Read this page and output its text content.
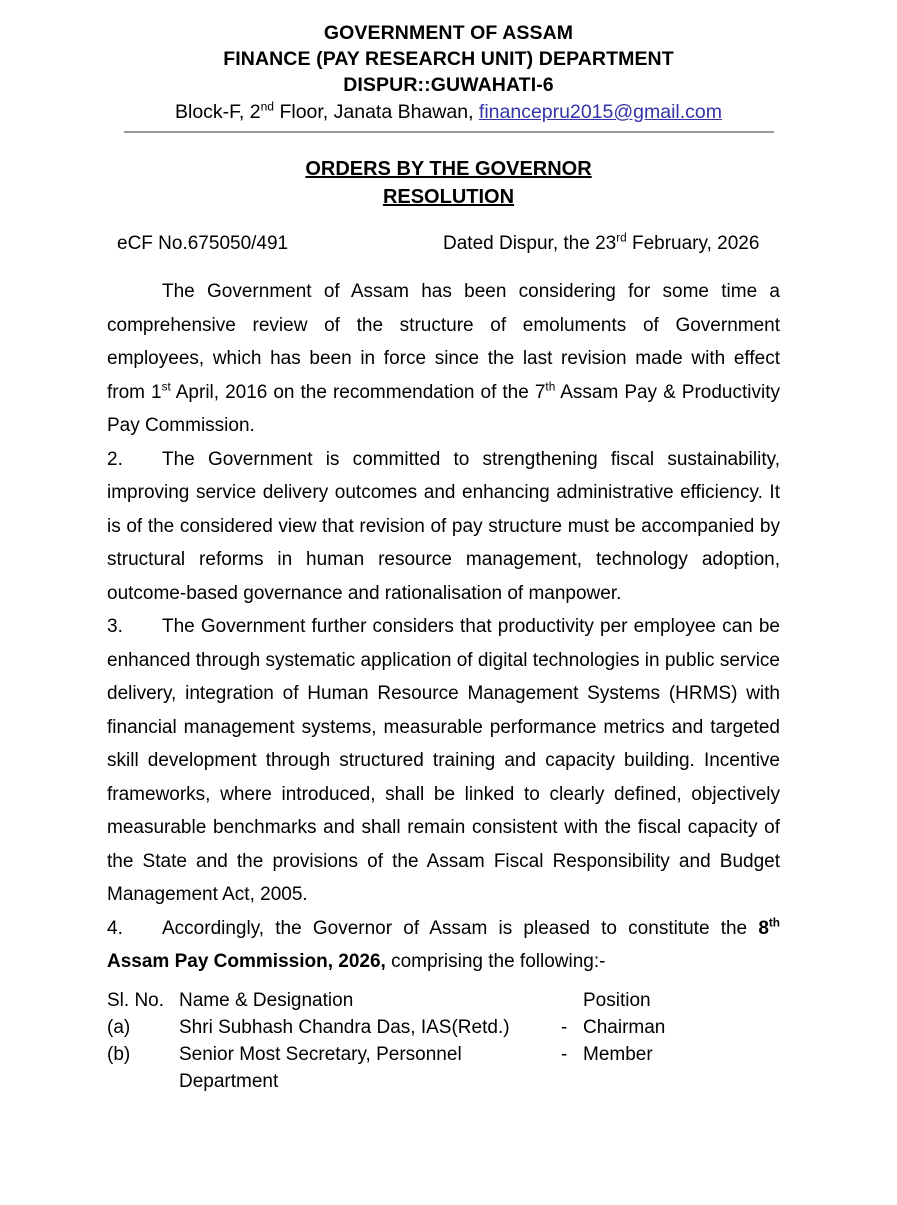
GOVERNMENT OF ASSAM
FINANCE (PAY RESEARCH UNIT) DEPARTMENT
DISPUR::GUWAHATI-6
Block-F, 2nd Floor, Janata Bhawan, financepru2015@gmail.com
ORDERS BY THE GOVERNOR
RESOLUTION
eCF No.675050/491	Dated Dispur, the 23rd February, 2026

The Government of Assam has been considering for some time a comprehensive review of the structure of emoluments of Government employees, which has been in force since the last revision made with effect from 1st April, 2016 on the recommendation of the 7th Assam Pay & Productivity Pay Commission.

2. The Government is committed to strengthening fiscal sustainability, improving service delivery outcomes and enhancing administrative efficiency. It is of the considered view that revision of pay structure must be accompanied by structural reforms in human resource management, technology adoption, outcome-based governance and rationalisation of manpower.

3. The Government further considers that productivity per employee can be enhanced through systematic application of digital technologies in public service delivery, integration of Human Resource Management Systems (HRMS) with financial management systems, measurable performance metrics and targeted skill development through structured training and capacity building. Incentive frameworks, where introduced, shall be linked to clearly defined, objectively measurable benchmarks and shall remain consistent with the fiscal capacity of the State and the provisions of the Assam Fiscal Responsibility and Budget Management Act, 2005.

4. Accordingly, the Governor of Assam is pleased to constitute the 8th Assam Pay Commission, 2026, comprising the following:-

Sl. No.	Name & Designation		Position
(a)	Shri Subhash Chandra Das, IAS(Retd.)	-	Chairman
(b)	Senior Most Secretary, Personnel Department	-	Member
